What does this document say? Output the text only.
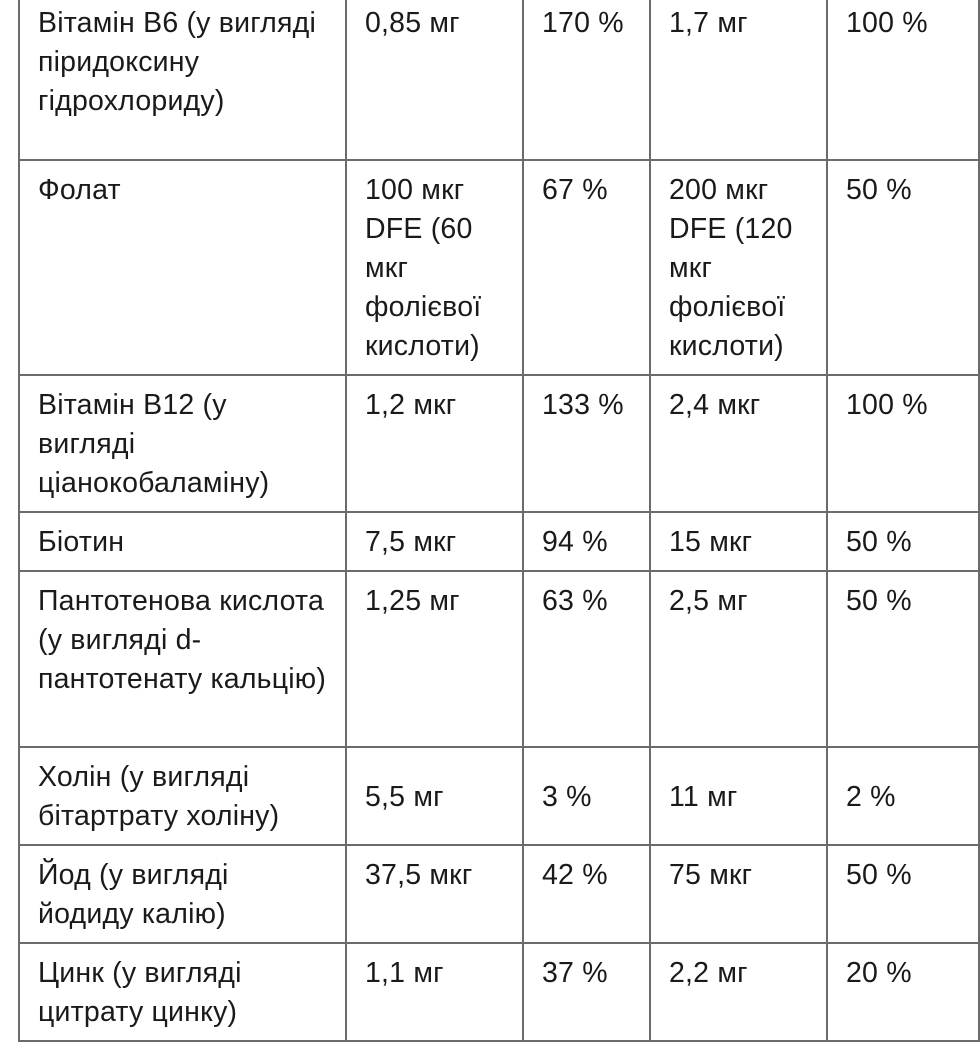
Вітамін В6 (у вигляді піридоксину гідрохлориду)	0,85 мг	170 %	1,7 мг	100 %
Фолат	100 мкг DFE (60 мкг фолієвої кислоти)	67 %	200 мкг DFE (120 мкг фолієвої кислоти)	50 %
Вітамін В12 (у вигляді ціанокобаламіну)	1,2 мкг	133 %	2,4 мкг	100 %
Біотин	7,5 мкг	94 %	15 мкг	50 %
Пантотенова кислота (у вигляді d-пантотенату кальцію)	1,25 мг	63 %	2,5 мг	50 %
Холін (у вигляді бітартрату холіну)	5,5 мг	3 %	11 мг	2 %
Йод (у вигляді йодиду калію)	37,5 мкг	42 %	75 мкг	50 %
Цинк (у вигляді цитрату цинку)	1,1 мг	37 %	2,2 мг	20 %
